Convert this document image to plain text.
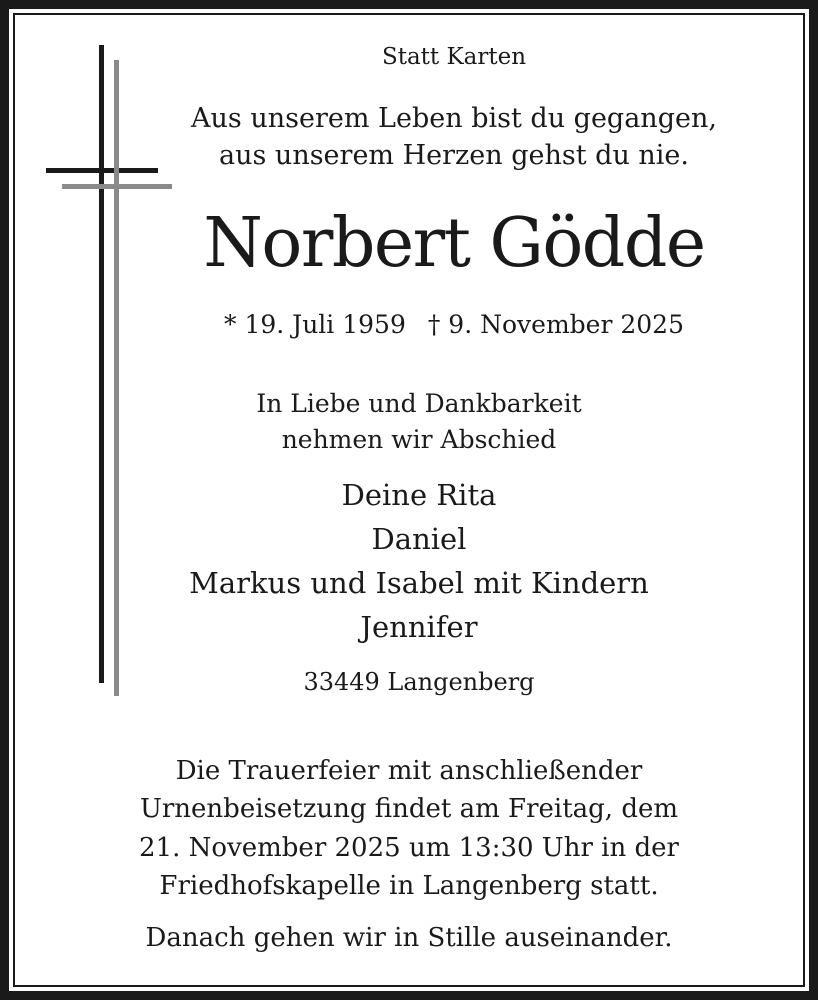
Statt Karten

Aus unserem Leben bist du gegangen,

aus unserem Herzen gehst du nie.

Norbert Gödde

* 19. Juli 1959 † 9. November 2025

In Liebe und Dankbarkeit

nehmen wir Abschied

Deine Rita

Daniel

Markus und Isabel mit Kindern

Jennifer

33449 Langenberg

Die Trauerfeier mit anschließender

Urnenbeisetzung findet am Freitag, dem

21. November 2025 um 13:30 Uhr in der

Friedhofskapelle in Langenberg statt.

Danach gehen wir in Stille auseinander.
